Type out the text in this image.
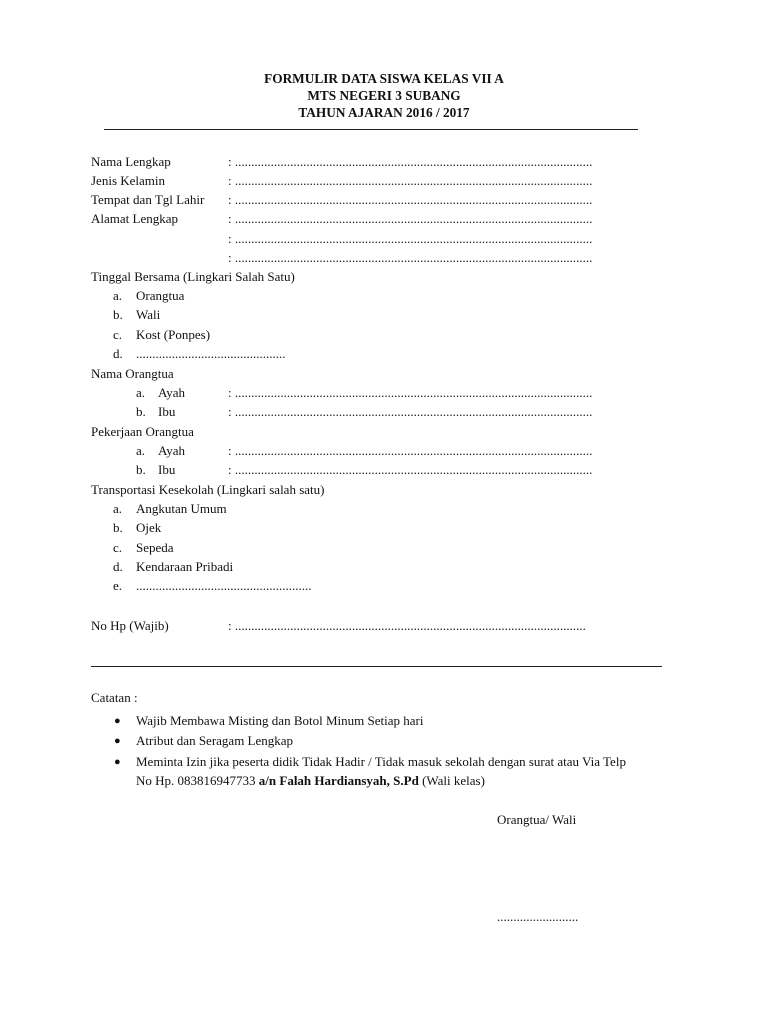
FORMULIR DATA SISWA KELAS VII A
MTS NEGERI 3 SUBANG
TAHUN AJARAN 2016 / 2017
Nama Lengkap	: ..............................................................................................................
Jenis Kelamin	: ..............................................................................................................
Tempat dan Tgl Lahir : ..............................................................................................................
Alamat Lengkap	: ..............................................................................................................
: ..............................................................................................................
: ..............................................................................................................
Tinggal Bersama (Lingkari Salah Satu)
a. Orangtua
b. Wali
c. Kost (Ponpes)
d. ..............................................
Nama Orangtua
a. Ayah	: ..............................................................................................................
b. Ibu	: ..............................................................................................................
Pekerjaan Orangtua
a. Ayah	: ..............................................................................................................
b. Ibu	: ..............................................................................................................
Transportasi Kesekolah (Lingkari salah satu)
a. Angkutan Umum
b. Ojek
c. Sepeda
d. Kendaraan Pribadi
e. ......................................................
No Hp (Wajib)	: ............................................................................................................
Catatan :
● Wajib Membawa Misting dan Botol Minum Setiap hari
● Atribut dan Seragam Lengkap
● Meminta Izin jika peserta didik Tidak Hadir / Tidak masuk sekolah dengan surat atau Via Telp
No Hp. 083816947733 a/n Falah Hardiansyah, S.Pd (Wali kelas)
Orangtua/ Wali
.........................
